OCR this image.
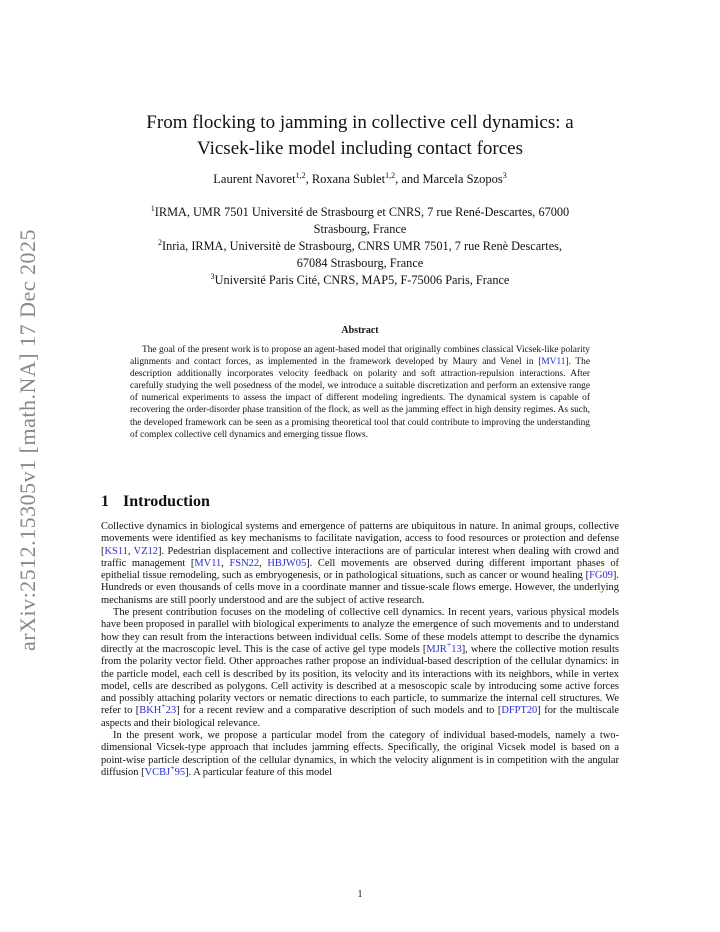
arXiv:2512.15305v1 [math.NA] 17 Dec 2025
From flocking to jamming in collective cell dynamics: a
Vicsek-like model including contact forces
Laurent Navoret$^{1,2}$, Roxana Sublet$^{1,2}$, and Marcela Szopos$^3$

$^1$IRMA, UMR 7501 Université de Strasbourg et CNRS, 7 rue René-Descartes, 67000

Strasbourg, France

$^2$Inria, IRMA, Universitè de Strasbourg, CNRS UMR 7501, 7 rue Renè Descartes,

67084 Strasbourg, France

$^3$Université Paris Cité, CNRS, MAP5, F-75006 Paris, France

Abstract
The goal of the present work is to propose an agent-based model that originally combines classical Vicsek-like polarity alignments and contact forces, as implemented in the framework developed by Maury and Venel in [MV11]. The description additionally incorporates velocity feedback on polarity and soft attraction-repulsion interactions. After carefully studying the well posedness of the model, we introduce a suitable discretization and perform an extensive range of numerical experiments to assess the impact of different modeling ingredients. The dynamical system is capable of recovering the order-disorder phase transition of the flock, as well as the jamming effect in high density regimes. As such, the developed framework can be seen as a promising theoretical tool that could contribute to improving the understanding of complex collective cell dynamics and emerging tissue flows.
1 Introduction

Collective dynamics in biological systems and emergence of patterns are ubiquitous in nature. In animal groups, collective movements were identified as key mechanisms to facilitate navigation, access to food resources or protection and defense [KS11, VZ12]. Pedestrian displacement and collective interactions are of particular interest when dealing with crowd and traffic management [MV11, FSN22, HBJW05]. Cell movements are observed during different important phases of epithelial tissue remodeling, such as embryogenesis, or in pathological situations, such as cancer or wound healing [FG09]. Hundreds or even thousands of cells move in a coordinate manner and tissue-scale flows emerge. However, the underlying mechanisms are still poorly understood and are the subject of active research.

The present contribution focuses on the modeling of collective cell dynamics. In recent years, various physical models have been proposed in parallel with biological experiments to analyze the emergence of such movements and to understand how they can result from the interactions between individual cells. Some of these models attempt to describe the dynamics directly at the macroscopic level. This is the case of active gel type models [MJR+13], where the collective motion results from the polarity vector field. Other approaches rather propose an individual-based description of the cellular dynamics: in the particle model, each cell is described by its position, its velocity and its interactions with its neighbors, while in vertex model, cells are described as polygons. Cell activity is described at a mesoscopic scale by introducing some active forces and possibly attaching polarity vectors or nematic directions to each particle, to summarize the internal cell structures. We refer to [BKH+23] for a recent review and a comparative description of such models and to [DFPT20] for the multiscale aspects and their biological relevance.

In the present work, we propose a particular model from the category of individual based-models, namely a two-dimensional Vicsek-type approach that includes jamming effects. Specifically, the original Vicsek model is based on a point-wise particle description of the cellular dynamics, in which the velocity alignment is in competition with the angular diffusion [VCBJ+95]. A particular feature of this model

1
